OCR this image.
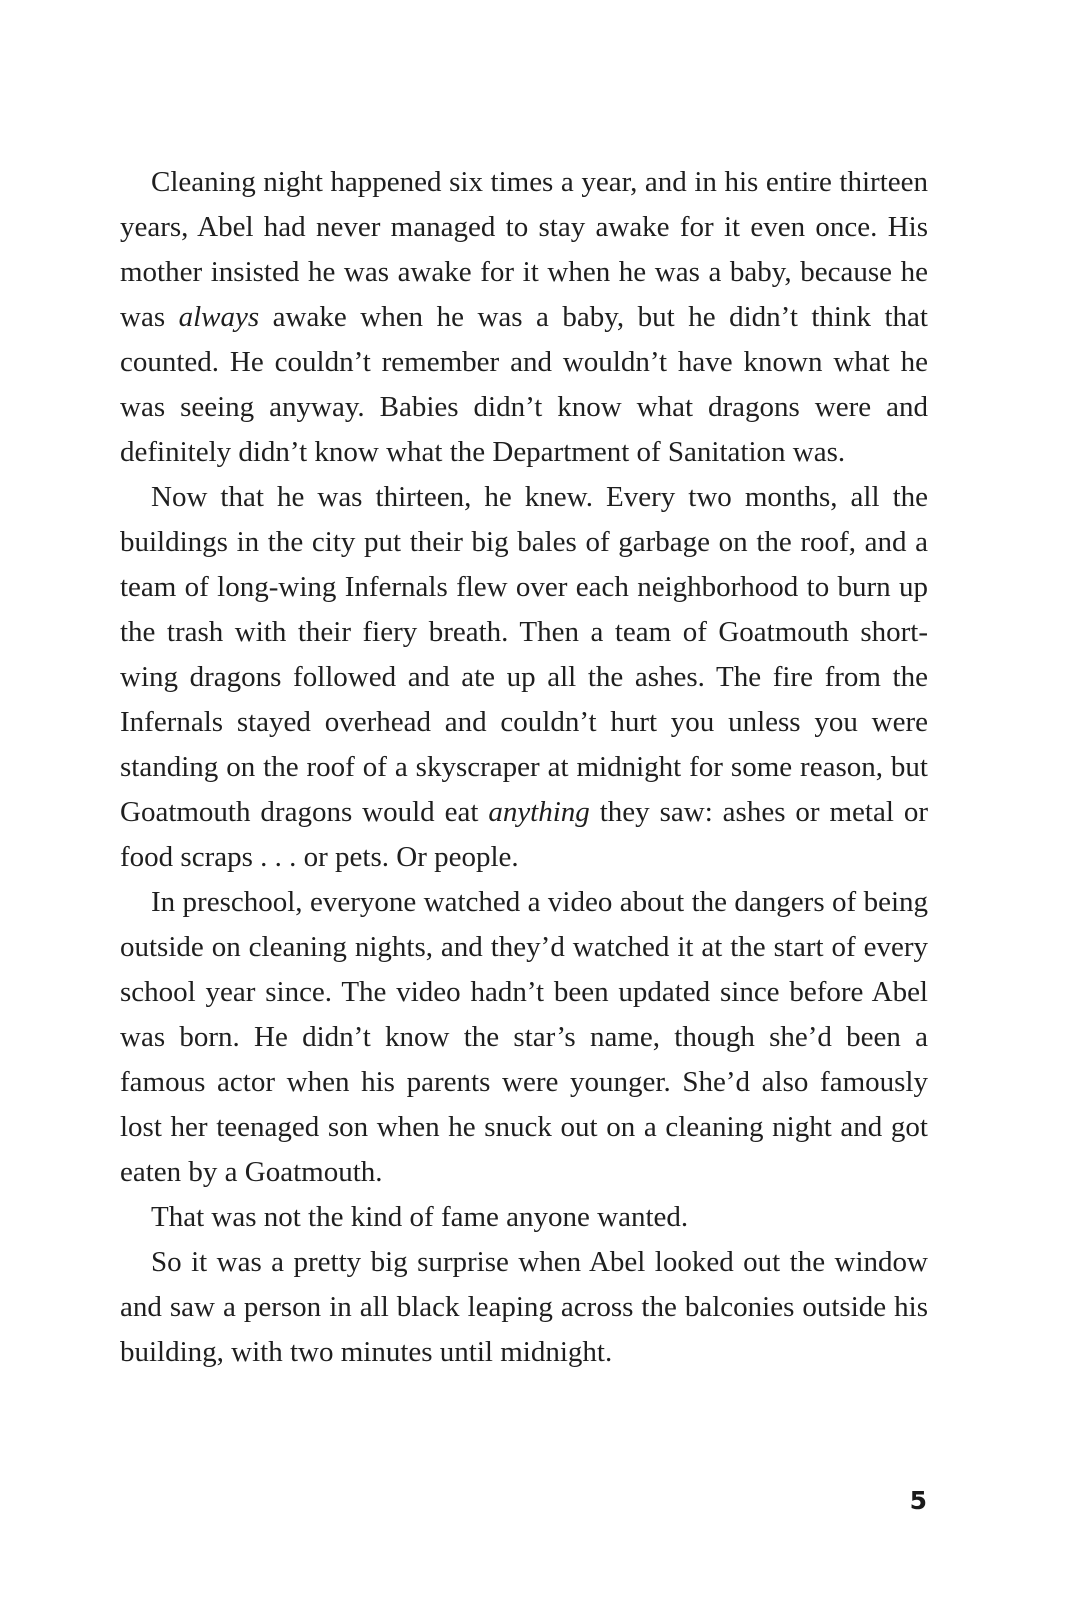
Cleaning night happened six times a year, and in his entire thirteen years, Abel had never managed to stay awake for it even once. His mother insisted he was awake for it when he was a baby, because he was always awake when he was a baby, but he didn’t think that counted. He couldn’t remember and wouldn’t have known what he was seeing anyway. Babies didn’t know what dragons were and definitely didn’t know what the Department of Sanitation was.

Now that he was thirteen, he knew. Every two months, all the buildings in the city put their big bales of garbage on the roof, and a team of long-wing Infernals flew over each neighborhood to burn up the trash with their fiery breath. Then a team of Goatmouth short-wing dragons followed and ate up all the ashes. The fire from the Infernals stayed overhead and couldn’t hurt you unless you were standing on the roof of a skyscraper at midnight for some reason, but Goatmouth dragons would eat anything they saw: ashes or metal or food scraps . . . or pets. Or people.

In preschool, everyone watched a video about the dangers of being outside on cleaning nights, and they’d watched it at the start of every school year since. The video hadn’t been updated since before Abel was born. He didn’t know the star’s name, though she’d been a famous actor when his parents were younger. She’d also famously lost her teenaged son when he snuck out on a cleaning night and got eaten by a Goatmouth.

That was not the kind of fame anyone wanted.

So it was a pretty big surprise when Abel looked out the window and saw a person in all black leaping across the balconies outside his building, with two minutes until midnight.

5
